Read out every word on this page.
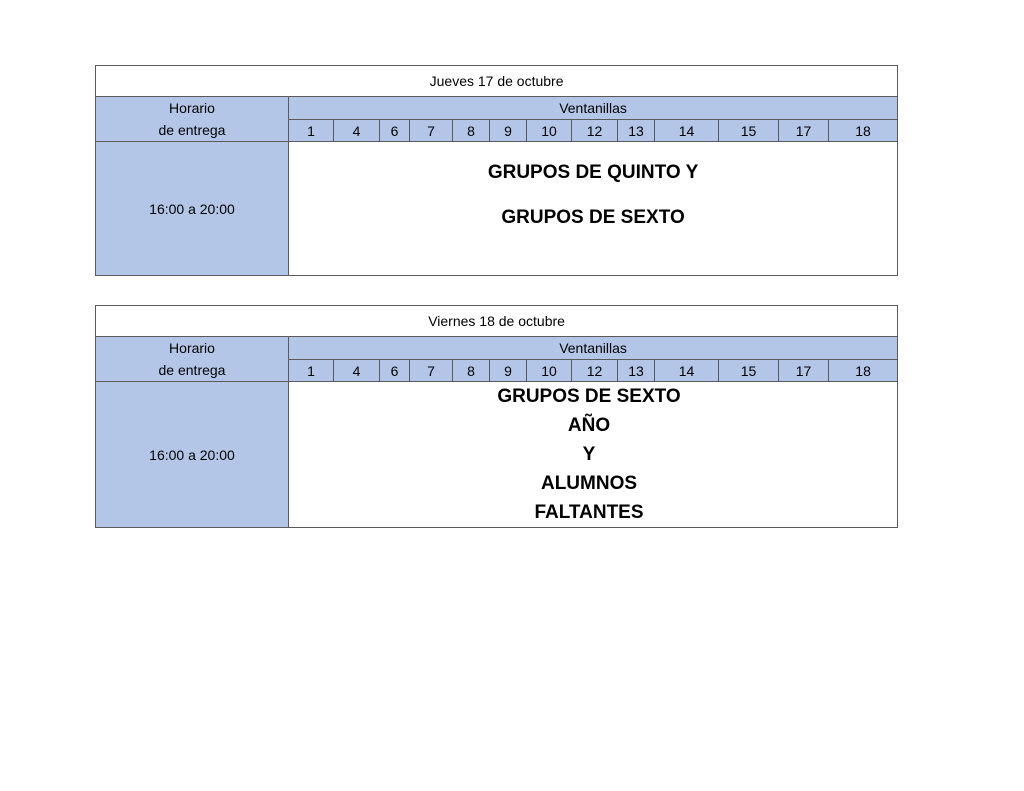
Jueves 17 de octubre													

Horario
de entrega	Ventanillas												
	1	4	6	7	8	9	10	12	13	14	15	17	18
16:00 a 20:00	GRUPOS DE QUINTO Y
GRUPOS DE SEXTO												
Viernes 18 de octubre													

Horario
de entrega	Ventanillas												
	1	4	6	7	8	9	10	12	13	14	15	17	18
16:00 a 20:00	GRUPOS DE SEXTO AÑO
Y
ALUMNOS FALTANTES												
